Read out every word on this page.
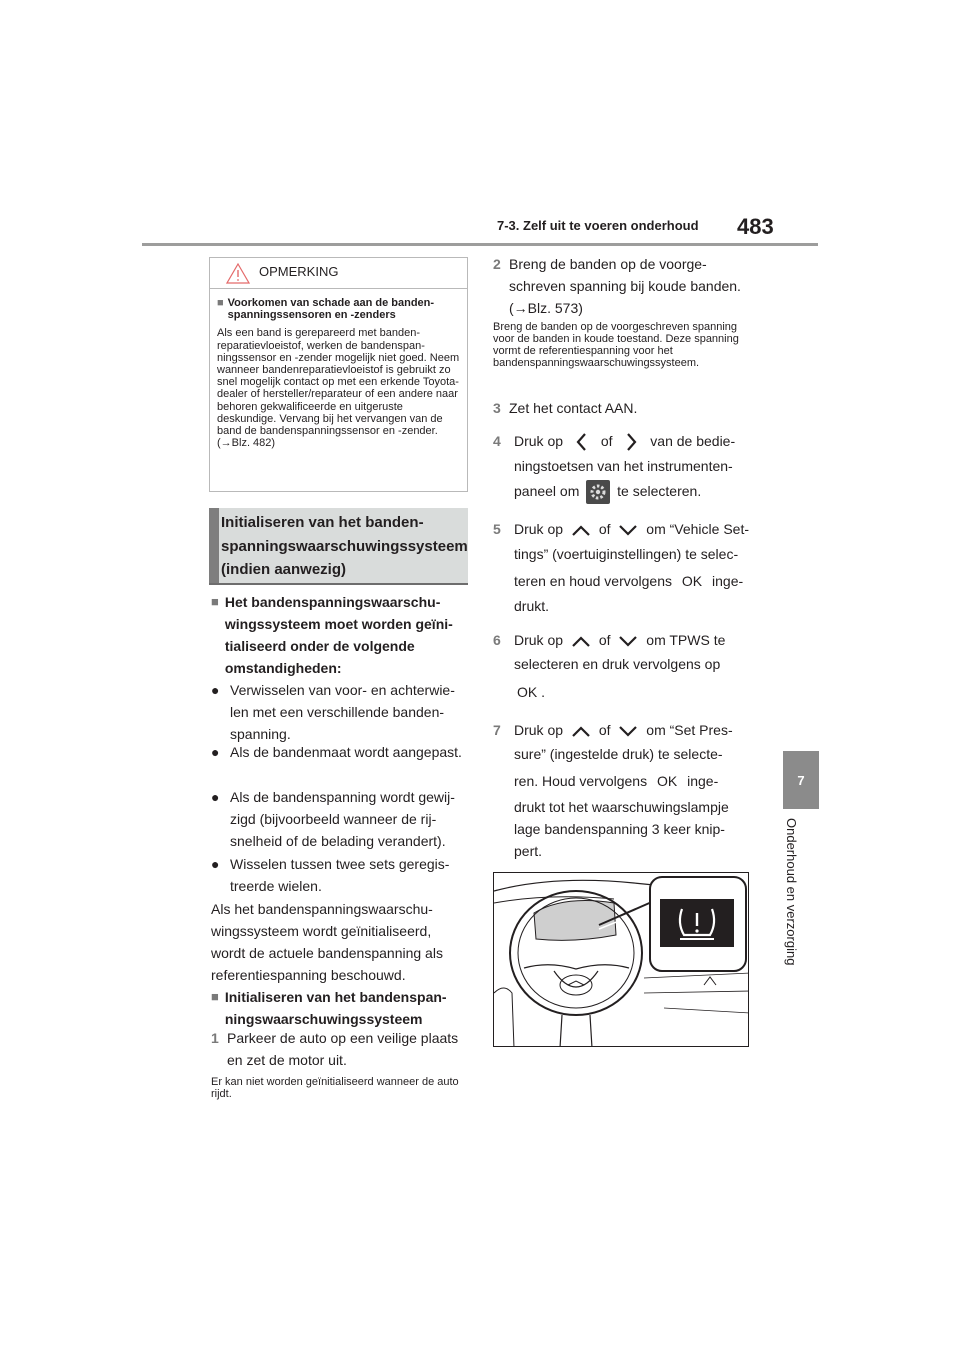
7-3. Zelf uit te voeren onderhoud 483
7
Onderhoud en verzorging
OPMERKING
■ Voorkomen van schade aan de bandenspanningssensoren en -zenders
Als een band is gerepareerd met bandenreparatievloeistof, werken de bandenspanningssensor en -zender mogelijk niet goed. Neem wanneer bandenreparatievloeistof is gebruikt zo snel mogelijk contact op met een erkende Toyota-dealer of hersteller/reparateur of een andere naar behoren gekwalificeerde en uitgeruste deskundige. Vervang bij het vervangen van de band de bandenspanningssensor en -zender. (→Blz. 482)
Initialiseren van het bandenspanningswaarschuwingssysteem (indien aanwezig)
■ Het bandenspanningswaarschuwingssysteem moet worden geïnitialiseerd onder de volgende omstandigheden:
● Verwisselen van voor- en achterwielen met een verschillende bandenspanning.
● Als de bandenmaat wordt aangepast.
● Als de bandenspanning wordt gewijzigd (bijvoorbeeld wanneer de rijsnelheid of de belading verandert).
● Wisselen tussen twee sets geregistreerde wielen.
Als het bandenspanningswaarschuwingssysteem wordt geïnitialiseerd, wordt de actuele bandenspanning als referentiespanning beschouwd.
■ Initialiseren van het bandenspanningswaarschuwingssysteem
1 Parkeer de auto op een veilige plaats en zet de motor uit.
Er kan niet worden geïnitialiseerd wanneer de auto rijdt.
2 Breng de banden op de voorgeschreven spanning bij koude banden. (→Blz. 573)
Breng de banden op de voorgeschreven spanning voor de banden in koude toestand. Deze spanning vormt de referentiespanning voor het bandenspanningswaarschuwingssysteem.
3 Zet het contact AAN.
4 Druk op	of	van de bedie-
ningstoetsen van het instrumenten-
paneel om	te selecteren.
5 Druk op	of	om “Vehicle Set-
tings” (voertuiginstellingen) te selec-
teren en houd vervolgens OK inge-
drukt.
6 Druk op	of	om TPWS te
selecteren en druk vervolgens op
OK .
7 Druk op	of	om “Set Pres-
sure” (ingestelde druk) te selecte-
ren. Houd vervolgens OK inge-
drukt tot het waarschuwingslampje
lage bandenspanning 3 keer knip-
pert.
